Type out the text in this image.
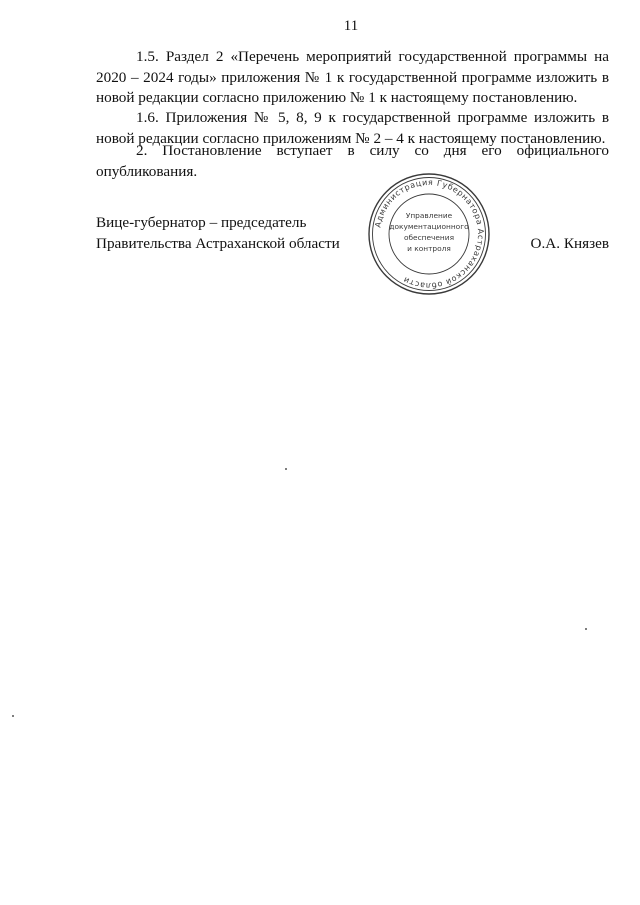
11

1.5. Раздел 2 «Перечень мероприятий государственной программы на 2020 – 2024 годы» приложения № 1 к государственной программе изложить в новой редакции согласно приложению № 1 к настоящему постановлению.

1.6. Приложения № 5, 8, 9 к государственной программе изложить в новой редакции согласно приложениям № 2 – 4 к настоящему постановлению.

2. Постановление вступает в силу со дня его официального опубликования.

Вице-губернатор – председатель
Правительства Астраханской области
Администрация Губернатора Астраханской области
Управление
документационного
обеспечения
и контроля	О.А. Князев
